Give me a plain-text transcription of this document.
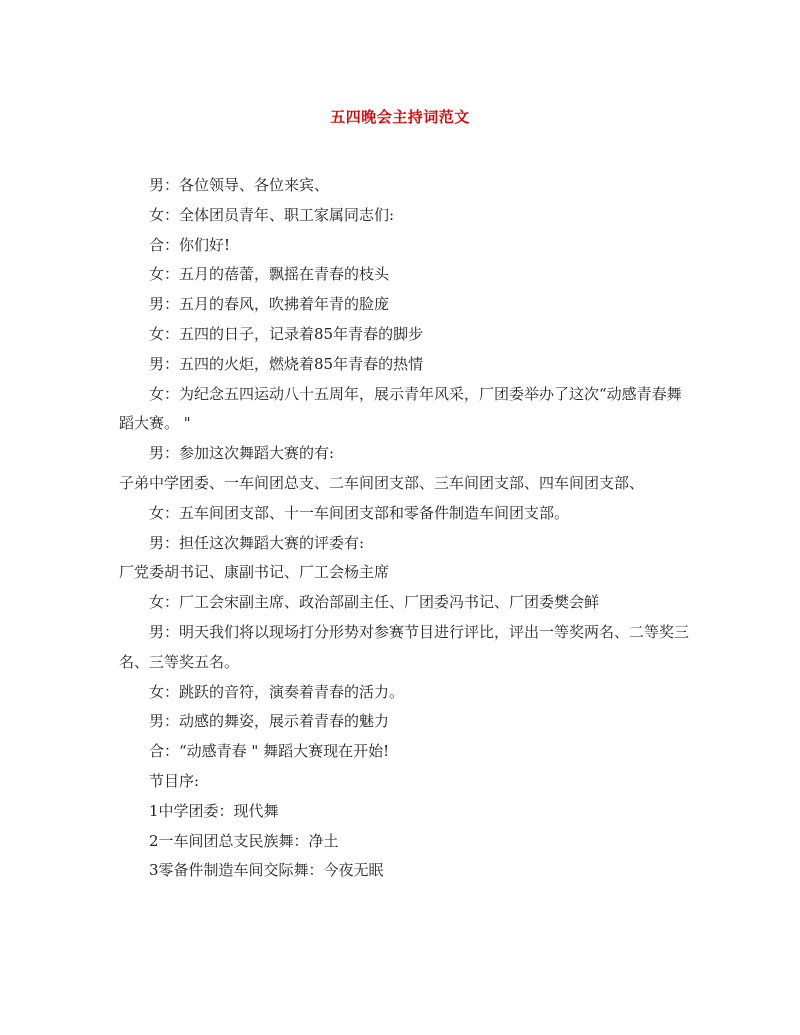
五四晚会主持词范文

男：各位领导、各位来宾、

女：全体团员青年、职工家属同志们:

合：你们好!

女：五月的蓓蕾，飘摇在青春的枝头

男：五月的春风，吹拂着年青的脸庞

女：五四的日子，记录着85年青春的脚步

男：五四的火炬，燃烧着85年青春的热情

女：为纪念五四运动八十五周年，展示青年风采，厂团委举办了这次“动感青春舞蹈大赛。 "

男：参加这次舞蹈大赛的有:

子弟中学团委、一车间团总支、二车间团支部、三车间团支部、四车间团支部、

女：五车间团支部、十一车间团支部和零备件制造车间团支部。

男：担任这次舞蹈大赛的评委有:

厂党委胡书记、康副书记、厂工会杨主席

女：厂工会宋副主席、政治部副主任、厂团委冯书记、厂团委樊会鲜

男：明天我们将以现场打分形势对参赛节目进行评比，评出一等奖两名、二等奖三名、三等奖五名。

女：跳跃的音符，演奏着青春的活力。

男：动感的舞姿，展示着青春的魅力

合：“动感青春 " 舞蹈大赛现在开始!

节目序:

1中学团委：现代舞

2一车间团总支民族舞：净土

3零备件制造车间交际舞：今夜无眠
